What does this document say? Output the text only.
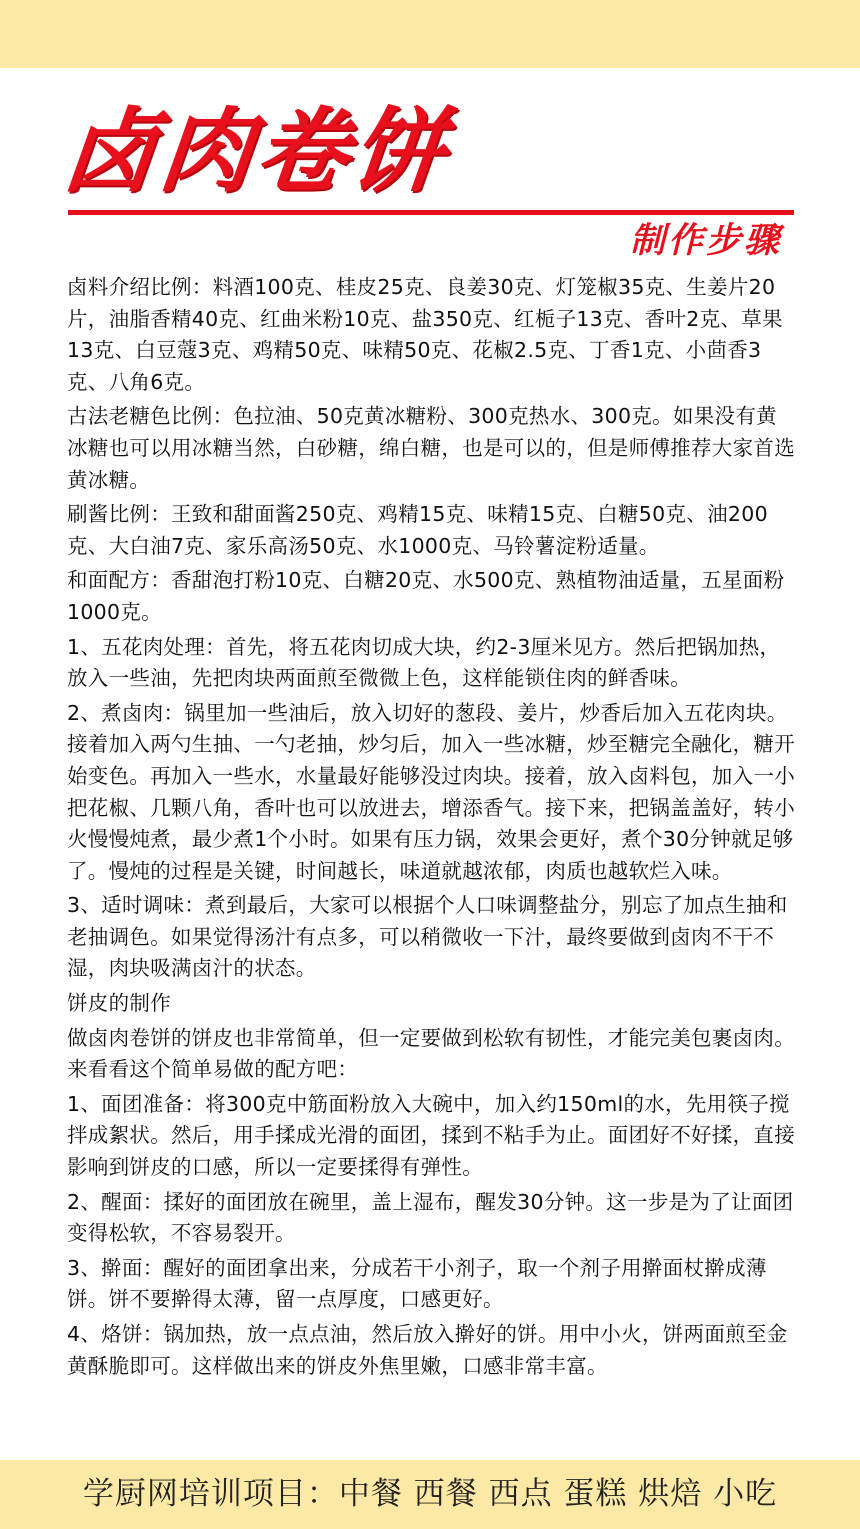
卤肉卷饼
制作步骤

卤料介绍比例：料酒100克、桂皮25克、良姜30克、灯笼椒35克、生姜片20片，油脂香精40克、红曲米粉10克、盐350克、红栀子13克、香叶2克、草果13克、白豆蔻3克、鸡精50克、味精50克、花椒2.5克、丁香1克、小茴香3克、八角6克。

古法老糖色比例：色拉油、50克黄冰糖粉、300克热水、300克。如果没有黄冰糖也可以用冰糖当然，白砂糖，绵白糖，也是可以的，但是师傅推荐大家首选黄冰糖。

刷酱比例：王致和甜面酱250克、鸡精15克、味精15克、白糖50克、油200克、大白油7克、家乐高汤50克、水1000克、马铃薯淀粉适量。

和面配方：香甜泡打粉10克、白糖20克、水500克、熟植物油适量，五星面粉1000克。

1、五花肉处理：首先，将五花肉切成大块，约2-3厘米见方。然后把锅加热，放入一些油，先把肉块两面煎至微微上色，这样能锁住肉的鲜香味。

2、煮卤肉：锅里加一些油后，放入切好的葱段、姜片，炒香后加入五花肉块。接着加入两勺生抽、一勺老抽，炒匀后，加入一些冰糖，炒至糖完全融化，糖开始变色。再加入一些水，水量最好能够没过肉块。接着，放入卤料包，加入一小把花椒、几颗八角，香叶也可以放进去，增添香气。接下来，把锅盖盖好，转小火慢慢炖煮，最少煮1个小时。如果有压力锅，效果会更好，煮个30分钟就足够了。慢炖的过程是关键，时间越长，味道就越浓郁，肉质也越软烂入味。

3、适时调味：煮到最后，大家可以根据个人口味调整盐分，别忘了加点生抽和老抽调色。如果觉得汤汁有点多，可以稍微收一下汁，最终要做到卤肉不干不湿，肉块吸满卤汁的状态。

饼皮的制作

做卤肉卷饼的饼皮也非常简单，但一定要做到松软有韧性，才能完美包裹卤肉。来看看这个简单易做的配方吧：

1、面团准备：将300克中筋面粉放入大碗中，加入约150ml的水，先用筷子搅拌成絮状。然后，用手揉成光滑的面团，揉到不粘手为止。面团好不好揉，直接影响到饼皮的口感，所以一定要揉得有弹性。

2、醒面：揉好的面团放在碗里，盖上湿布，醒发30分钟。这一步是为了让面团变得松软，不容易裂开。

3、擀面：醒好的面团拿出来，分成若干小剂子，取一个剂子用擀面杖擀成薄饼。饼不要擀得太薄，留一点厚度，口感更好。

4、烙饼：锅加热，放一点点油，然后放入擀好的饼。用中小火，饼两面煎至金黄酥脆即可。这样做出来的饼皮外焦里嫩，口感非常丰富。

学厨网培训项目：中餐 西餐 西点 蛋糕 烘焙 小吃
